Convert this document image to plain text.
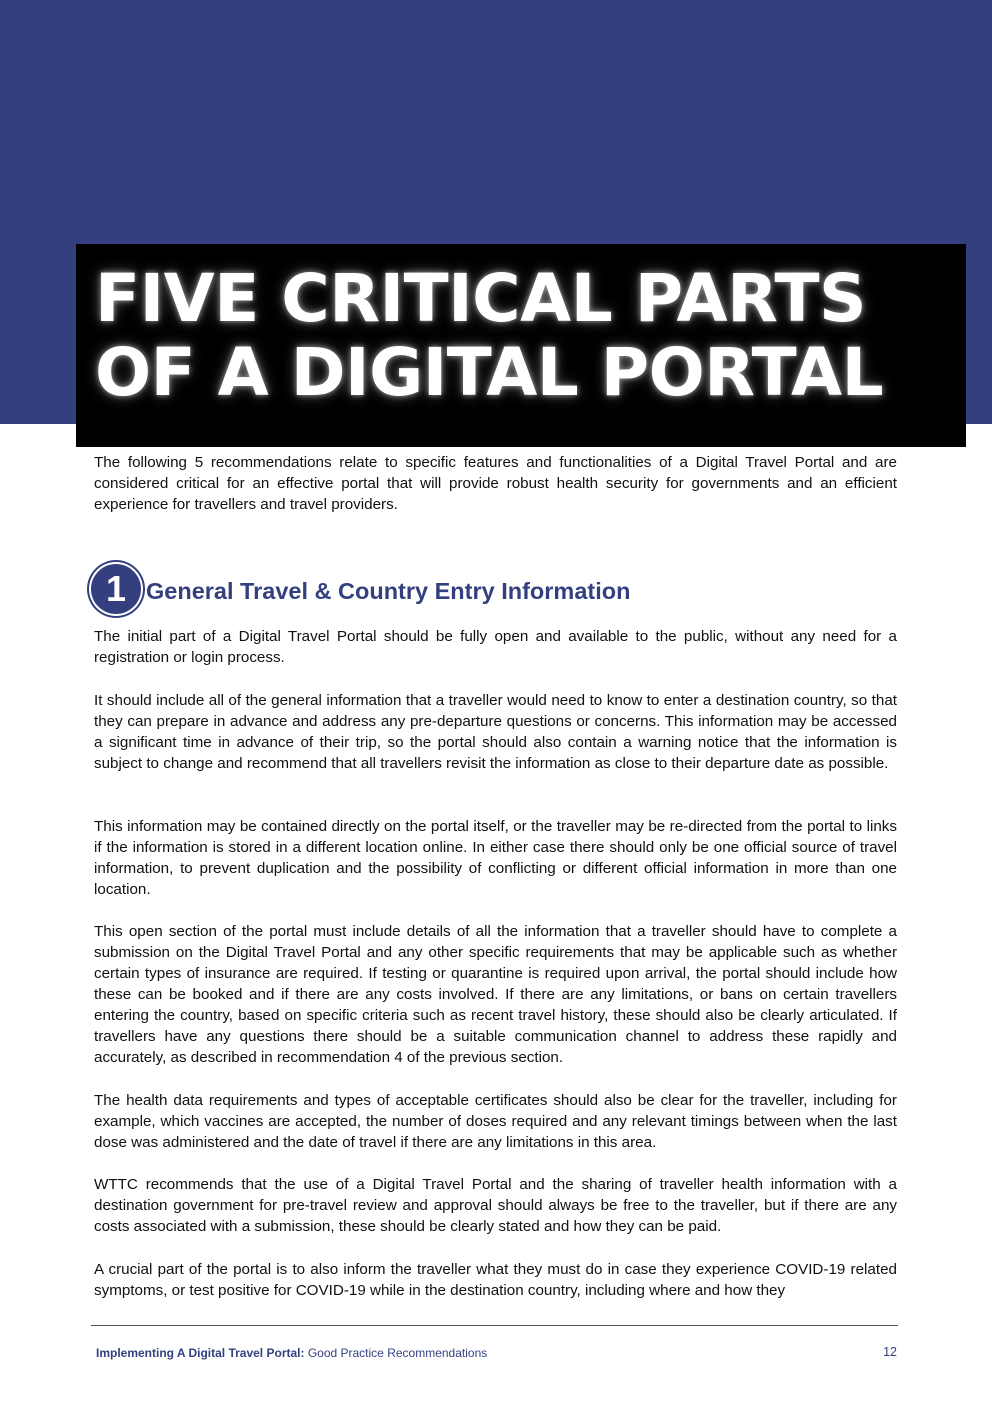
FIVE CRITICAL PARTS
OF A DIGITAL PORTAL

The following 5 recommendations relate to specific features and functionalities of a Digital Travel Portal and are considered critical for an effective portal that will provide robust health security for governments and an efficient experience for travellers and travel providers.

1 General Travel & Country Entry Information

The initial part of a Digital Travel Portal should be fully open and available to the public, without any need for a registration or login process.

It should include all of the general information that a traveller would need to know to enter a destination country, so that they can prepare in advance and address any pre-departure questions or concerns. This information may be accessed a significant time in advance of their trip, so the portal should also contain a warning notice that the information is subject to change and recommend that all travellers revisit the information as close to their departure date as possible.

This information may be contained directly on the portal itself, or the traveller may be re-directed from the portal to links if the information is stored in a different location online. In either case there should only be one official source of travel information, to prevent duplication and the possibility of conflicting or different official information in more than one location.

This open section of the portal must include details of all the information that a traveller should have to complete a submission on the Digital Travel Portal and any other specific requirements that may be applicable such as whether certain types of insurance are required. If testing or quarantine is required upon arrival, the portal should include how these can be booked and if there are any costs involved. If there are any limitations, or bans on certain travellers entering the country, based on specific criteria such as recent travel history, these should also be clearly articulated. If travellers have any questions there should be a suitable communication channel to address these rapidly and accurately, as described in recommendation 4 of the previous section.

The health data requirements and types of acceptable certificates should also be clear for the traveller, including for example, which vaccines are accepted, the number of doses required and any relevant timings between when the last dose was administered and the date of travel if there are any limitations in this area.

WTTC recommends that the use of a Digital Travel Portal and the sharing of traveller health information with a destination government for pre-travel review and approval should always be free to the traveller, but if there are any costs associated with a submission, these should be clearly stated and how they can be paid.

A crucial part of the portal is to also inform the traveller what they must do in case they experience COVID-19 related symptoms, or test positive for COVID-19 while in the destination country, including where and how they

Implementing A Digital Travel Portal: Good Practice Recommendations	12
